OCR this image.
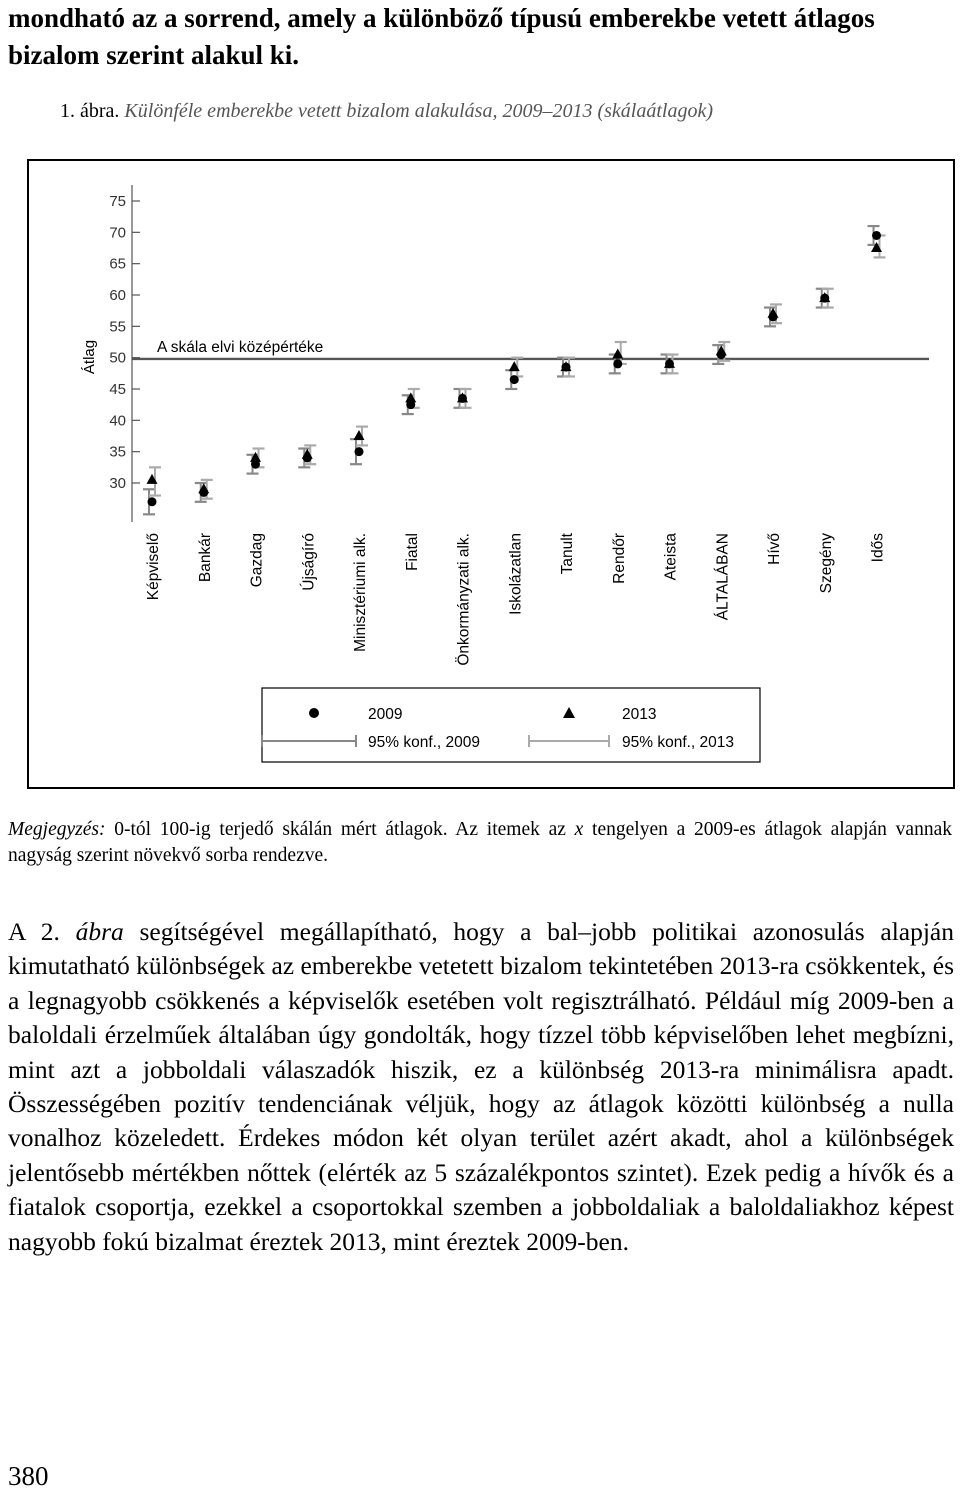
mondható az a sorrend, amely a különböző típusú emberekbe vetett átlagos bizalom szerint alakul ki.

1. ábra. Különféle emberekbe vetett bizalom alakulása, 2009–2013 (skálaátlagok)
75
70
65
60
55
50
45
40
35
30
Átlag	A skála elvi középértéke
Képviselő Bankár Gazdag Újságíró Minisztériumi alk. Fiatal Önkormányzati alk. Iskolázatlan Tanult Rendőr Ateista ÁLTALÁBAN Hívő Szegény Idős
2009	2013
95% konf., 2009	95% konf., 2013
Megjegyzés: 0-tól 100-ig terjedő skálán mért átlagok. Az itemek az x tengelyen a 2009-es átlagok alapján vannak nagyság szerint növekvő sorba rendezve.

A 2. ábra segítségével megállapítható, hogy a bal–jobb politikai azonosulás alapján kimutatható különbségek az emberekbe vetetett bizalom tekintetében 2013-ra csökkentek, és a legnagyobb csökkenés a képviselők esetében volt regisztrálható. Például míg 2009-ben a baloldali érzelműek általában úgy gondolták, hogy tízzel több képviselőben lehet megbízni, mint azt a jobboldali válaszadók hiszik, ez a különbség 2013-ra minimálisra apadt. Összességében pozitív tendenciának véljük, hogy az átlagok közötti különbség a nulla vonalhoz közeledett. Érdekes módon két olyan terület azért akadt, ahol a különbségek jelentősebb mértékben nőttek (elérték az 5 százalékpontos szintet). Ezek pedig a hívők és a fiatalok csoportja, ezekkel a csoportokkal szemben a jobboldaliak a baloldaliakhoz képest nagyobb fokú bizalmat éreztek 2013, mint éreztek 2009-ben.

380
